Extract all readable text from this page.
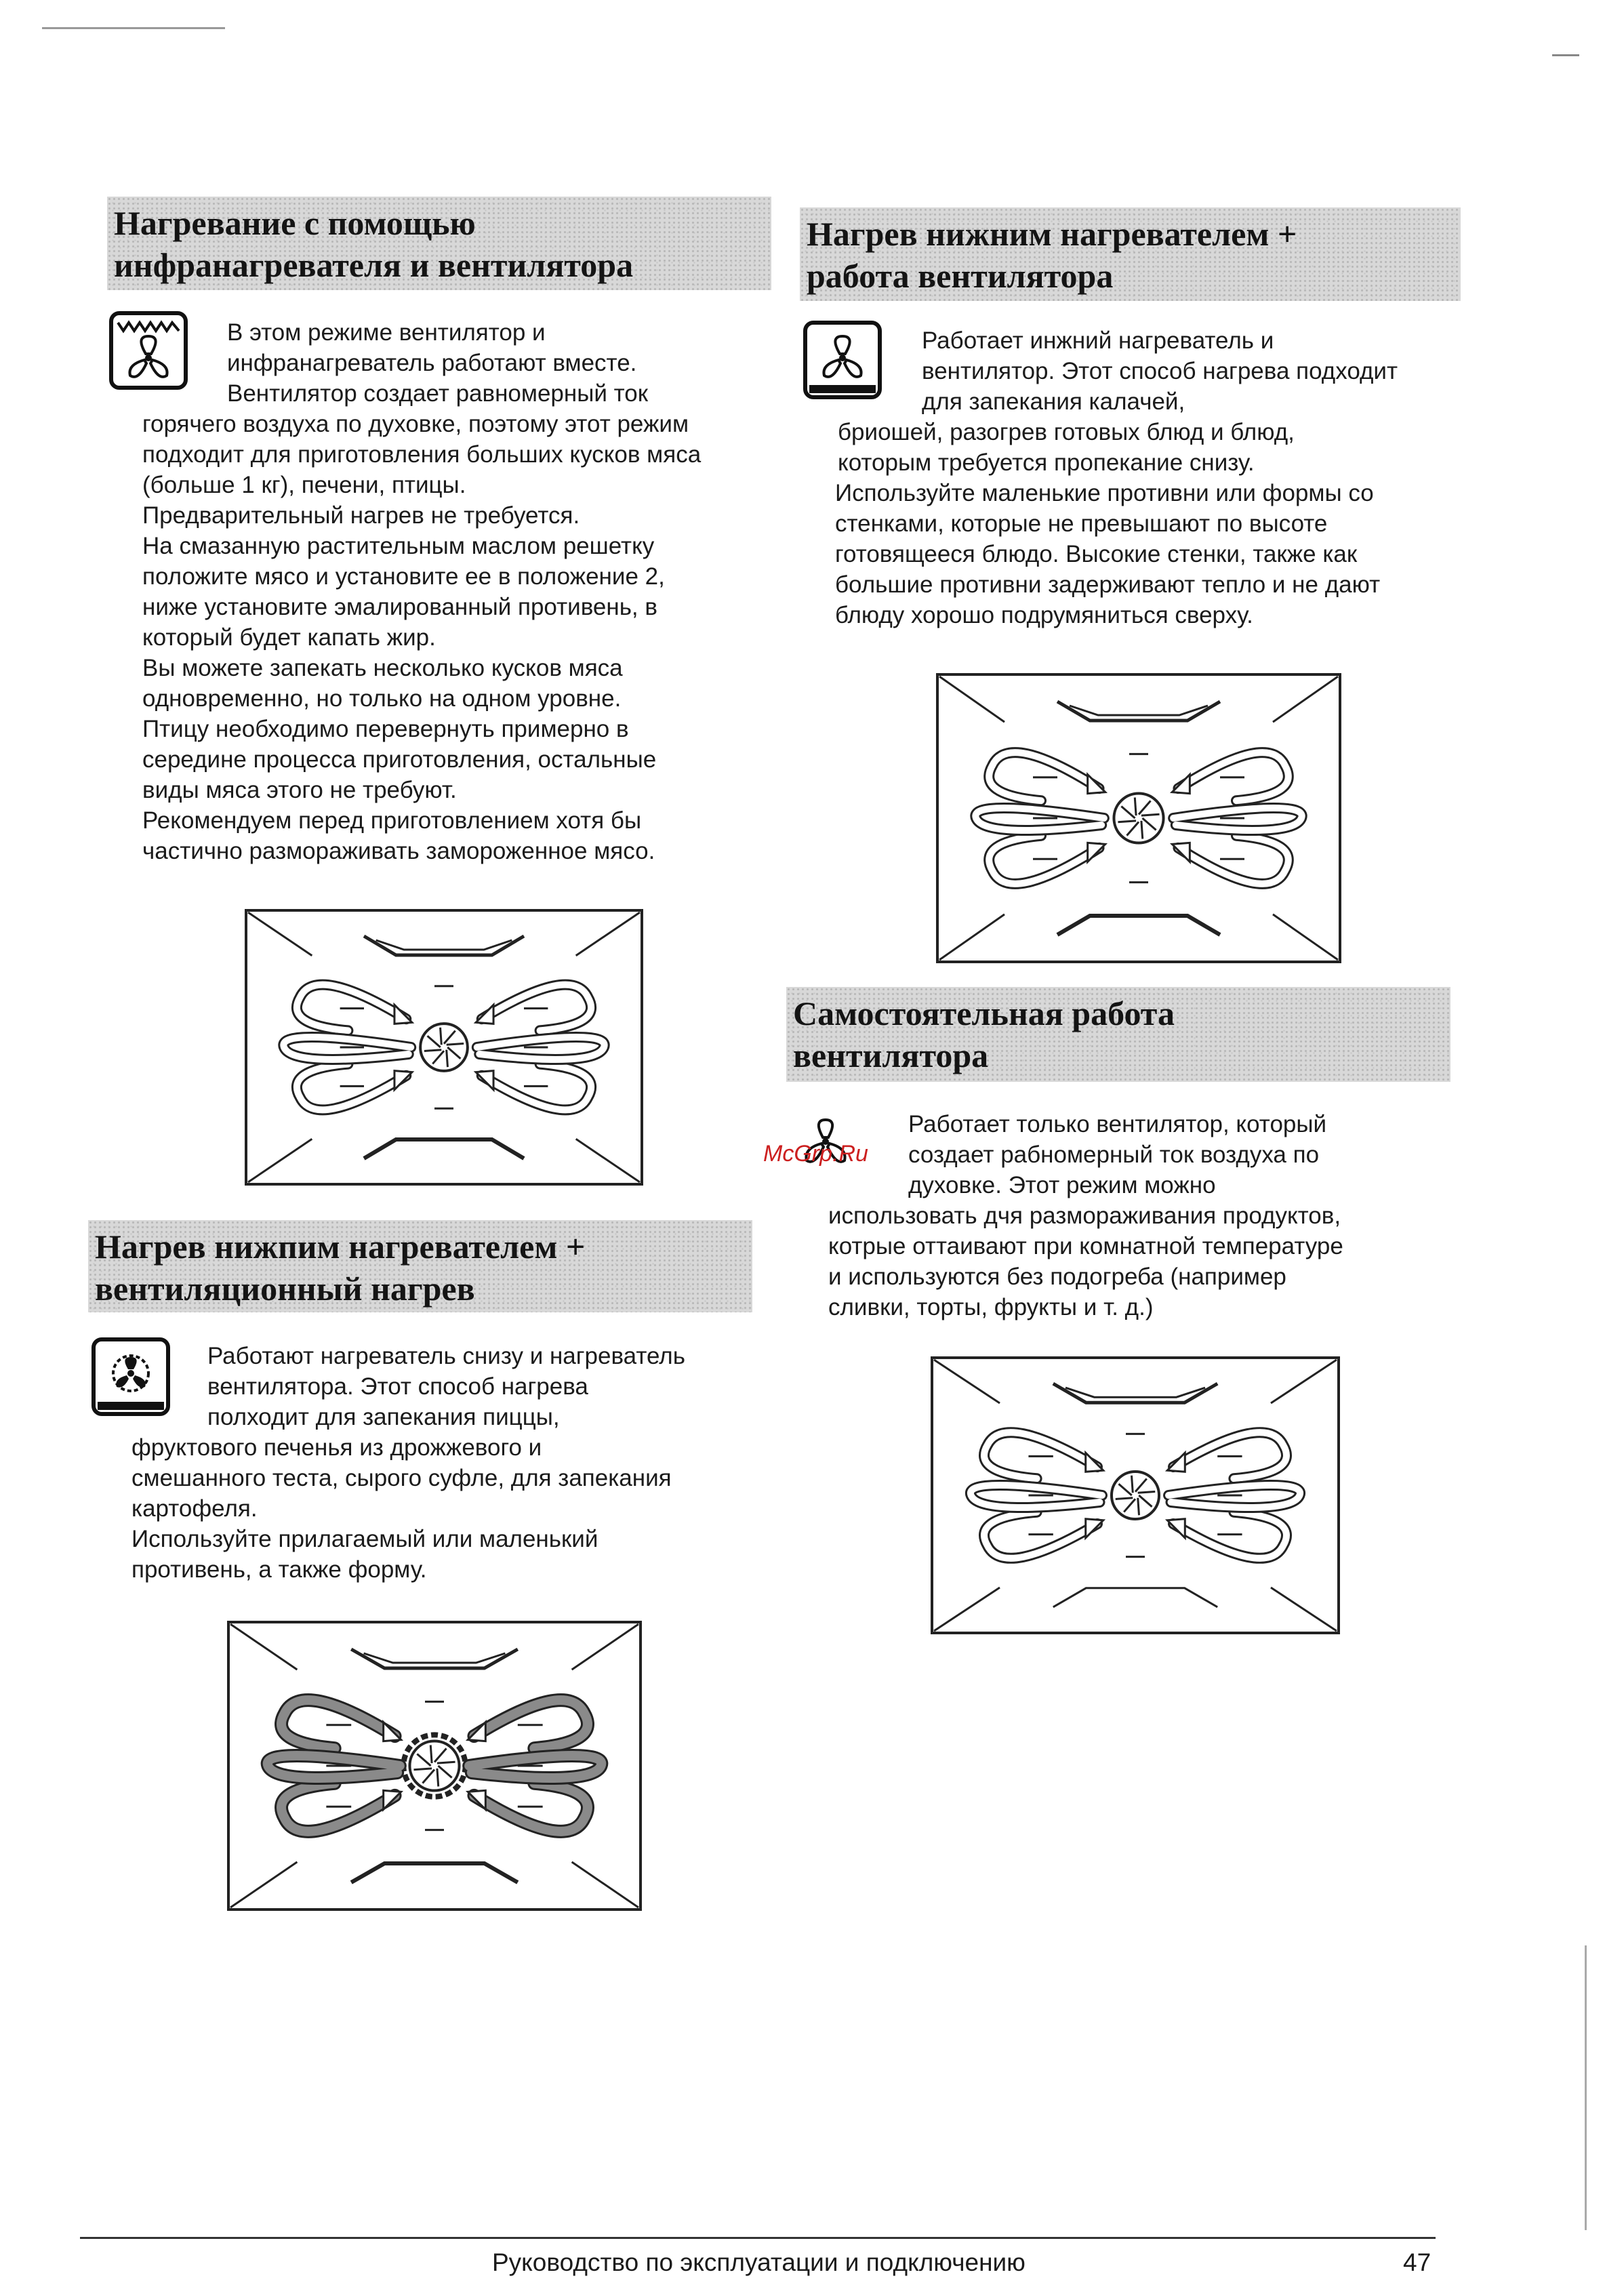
Нагревание с помощью
инфранагревателя и вентилятора
В этом режиме вентилятор и
инфранагреватель работают вместе.
Вентилятор создает равномерный ток
горячего воздуха по духовке, поэтому этот режим
подходит для приготовления больших кусков мяса
(больше 1 кг), печени, птицы.
Предварительный нагрев не требуется.
На смазанную растительным маслом решетку
положите мясо и установите ее в положение 2,
ниже установите эмалированный противень, в
который будет капать жир.
Вы можете запекать несколько кусков мяса
одновременно, но только на одном уровне.
Птицу необходимо перевернуть примерно в
середине процесса приготовления, остальные
виды мяса этого не требуют.
Рекомендуем перед приготовлением хотя бы
частично размораживать замороженное мясо.
Нагрев нижним нагревателем +
работа вентилятора
Работает инжний нагреватель и
вентилятор. Этот способ нагрева подходит
для запекания калачей,
бриошей, разогрев готовых блюд и блюд,
которым требуется пропекание снизу.
Используйте маленькие противни или формы со
стенками, которые не превышают по высоте
готовящееся блюдо. Высокие стенки, также как
большие противни задерживают тепло и не дают
блюду хорошо подрумяниться сверху.
Самостоятельная работа
вентилятора
McGrp.Ru
Работает только вентилятор, который
создает рабномерный ток воздуха по
духовке. Этот режим можно
использовать дчя размораживания продуктов,
котрые оттаивают при комнатной температуре
и используются без подогреба (например
сливки, торты, фрукты и т. д.)
Нагрев нижпим нагревателем +
вентиляционный нагрев
Работают нагреватель снизу и нагреватель
вентилятора. Этот способ нагрева
полходит для запекания пиццы,
фруктового печенья из дрожжевого и
смешанного теста, сырого суфле, для запекания
картофеля.
Используйте прилагаемый или маленький
противень, а также форму.
Руководство по эксплуатации и подключению	47
